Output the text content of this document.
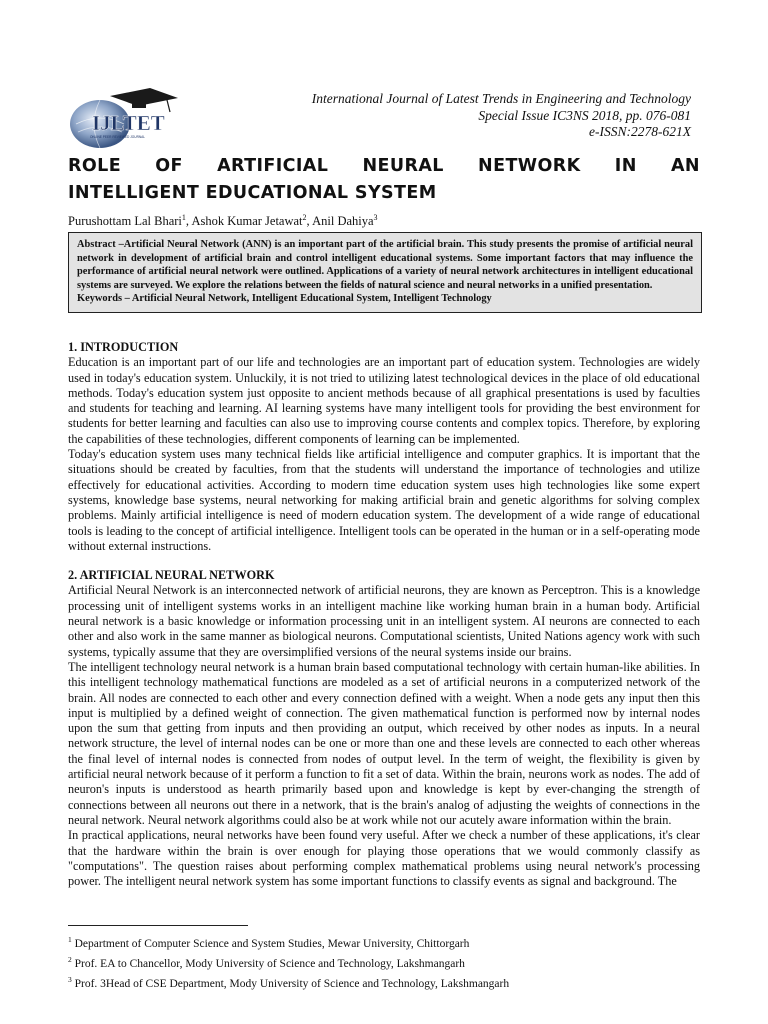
IJLTET
ONLINE PEER REVIEWED JOURNAL
International Journal of Latest Trends in Engineering and Technology
Special Issue IC3NS 2018, pp. 076-081
e-ISSN:2278-621X
ROLE OF ARTIFICIAL NEURAL NETWORK IN AN
INTELLIGENT EDUCATIONAL SYSTEM
Purushottam Lal Bhari$^1$, Ashok Kumar Jetawat$^2$, Anil Dahiya$^3$

Abstract –Artificial Neural Network (ANN) is an important part of the artificial brain. This study presents the promise of artificial neural network in development of artificial brain and control intelligent educational systems. Some important factors that may influence the performance of artificial neural network were outlined. Applications of a variety of neural network architectures in intelligent educational systems are surveyed. We explore the relations between the fields of natural science and neural networks in a unified presentation.

Keywords – Artificial Neural Network, Intelligent Educational System, Intelligent Technology

1. INTRODUCTION

Education is an important part of our life and technologies are an important part of education system. Technologies are widely used in today's education system. Unluckily, it is not tried to utilizing latest technological devices in the place of old educational methods. Today's education system just opposite to ancient methods because of all graphical presentations is used by faculties and students for teaching and learning. AI learning systems have many intelligent tools for providing the best environment for students for better learning and faculties can also use to improving course contents and complex topics. Therefore, by exploring the capabilities of these technologies, different components of learning can be implemented.

Today's education system uses many technical fields like artificial intelligence and computer graphics. It is important that the situations should be created by faculties, from that the students will understand the importance of technologies and utilize effectively for educational activities. According to modern time education system uses high technologies like some expert systems, knowledge base systems, neural networking for making artificial brain and genetic algorithms for solving complex problems. Mainly artificial intelligence is need of modern education system. The development of a wide range of educational tools is leading to the concept of artificial intelligence. Intelligent tools can be operated in the human or in a self-operating mode without external instructions.

2. ARTIFICIAL NEURAL NETWORK

Artificial Neural Network is an interconnected network of artificial neurons, they are known as Perceptron. This is a knowledge processing unit of intelligent systems works in an intelligent machine like working human brain in a human body. Artificial neural network is a basic knowledge or information processing unit in an intelligent system. AI neurons are connected to each other and also work in the same manner as biological neurons. Computational scientists, United Nations agency work with such systems, typically assume that they are oversimplified versions of the neural systems inside our brains.

The intelligent technology neural network is a human brain based computational technology with certain human-like abilities. In this intelligent technology mathematical functions are modeled as a set of artificial neurons in a computerized network of the brain. All nodes are connected to each other and every connection defined with a weight. When a node gets any input then this input is multiplied by a defined weight of connection. The given mathematical function is performed now by internal nodes upon the sum that getting from inputs and then providing an output, which received by other nodes as inputs. In a neural network structure, the level of internal nodes can be one or more than one and these levels are connected to each other whereas the final level of internal nodes is connected from nodes of output level. In the term of weight, the flexibility is given by artificial neural network because of it perform a function to fit a set of data. Within the brain, neurons work as nodes. The add of neuron's inputs is understood as hearth primarily based upon and knowledge is kept by ever-changing the strength of connections between all neurons out there in a network, that is the brain's analog of adjusting the weights of connections in the neural network. Neural network algorithms could also be at work while not our acutely aware information within the brain.

In practical applications, neural networks have been found very useful. After we check a number of these applications, it's clear that the hardware within the brain is over enough for playing those operations that we would commonly classify as "computations". The question raises about performing complex mathematical problems using neural network's processing power. The intelligent neural network system has some important functions to classify events as signal and background. The

$^1$ Department of Computer Science and System Studies, Mewar University, Chittorgarh
$^2$ Prof. EA to Chancellor, Mody University of Science and Technology, Lakshmangarh
$^3$ Prof. 3Head of CSE Department, Mody University of Science and Technology, Lakshmangarh
